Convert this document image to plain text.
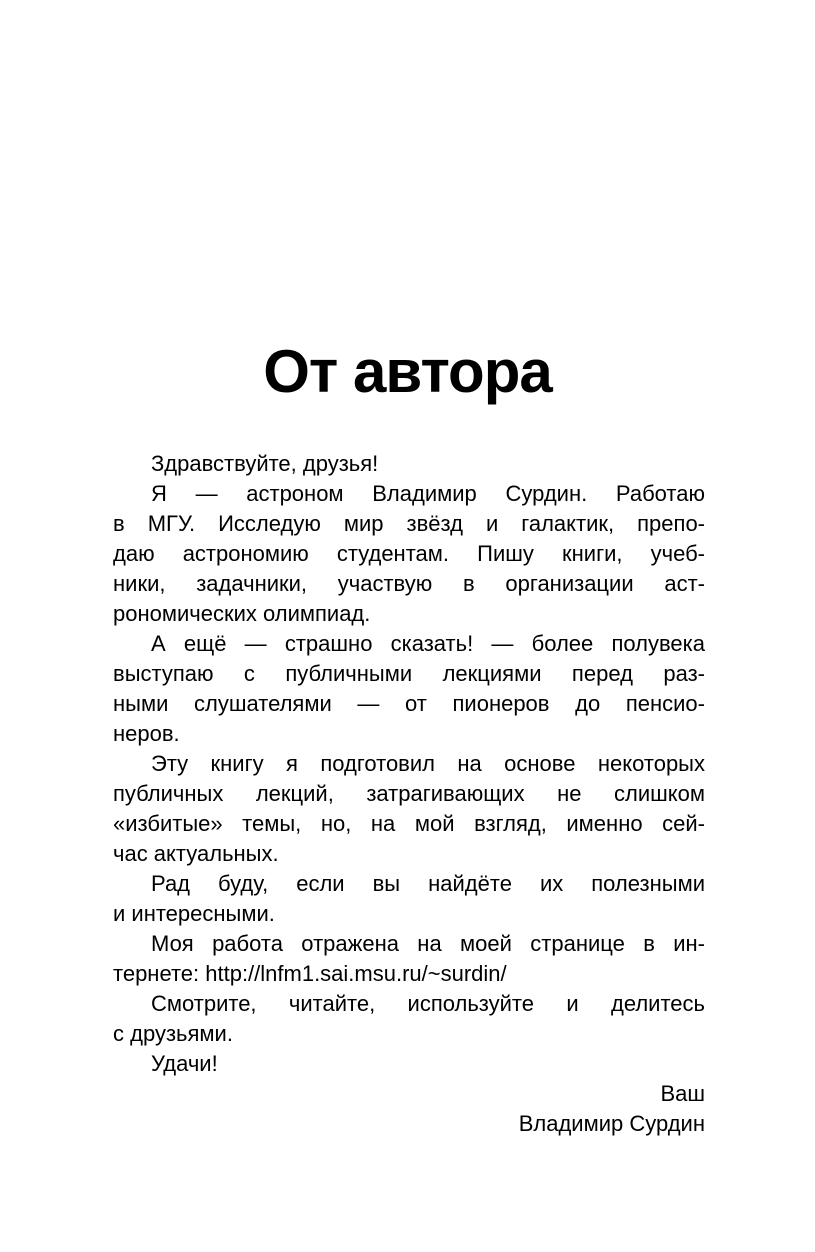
От автора

Здравствуйте, друзья!

Я — астроном Владимир Сурдин. Работаю
в МГУ. Исследую мир звёзд и галактик, препо-
даю астрономию студентам. Пишу книги, учеб-
ники, задачники, участвую в организации аст-
рономических олимпиад.

А ещё — страшно сказать! — более полувека
выступаю с публичными лекциями перед раз-
ными слушателями — от пионеров до пенсио-
неров.

Эту книгу я подготовил на основе некоторых
публичных лекций, затрагивающих не слишком
«избитые» темы, но, на мой взгляд, именно сей-
час актуальных.

Рад буду, если вы найдёте их полезными
и интересными.

Моя работа отражена на моей странице в ин-
тернете: http://lnfm1.sai.msu.ru/~surdin/

Смотрите, читайте, используйте и делитесь
с друзьями.

Удачи!

Ваш

Владимир Сурдин
